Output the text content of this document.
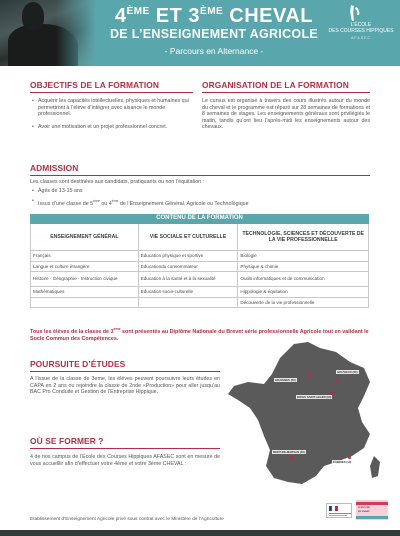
4ÈME ET 3ÈME CHEVAL
DE L’ENSEIGNEMENT AGRICOLE
- Parcours en Alternance -
L’ÉCOLE
DES COURSES HIPPIQUES
AFASEC
OBJECTIFS DE LA FORMATION
• Acquérir les capacités intellectuelles, physiques et humaines qui permettront à l’élève d’intégrer avec aisance le monde professionnel.
• Avoir une motivation et un projet professionnel concret.
ORGANISATION DE LA FORMATION
Le cursus est organisé à travers des cours illustrés autour du monde du cheval et le programme est réparti sur 28 semaines de formations et 8 semaines de stages. Les enseignements généraux sont privilégiés le matin, tandis qu’ont lieu l’après-midi les enseignements autour des chevaux.
ADMISSION
Les classes sont destinées aux candidats, pratiquants ou non l’équitation :
• Âgés de 13-15 ans
• Issus d’une classe de 5ème ou 4ème de l’Enseignement Général, Agricole ou Technologique
CONTENU DE LA FORMATION		
ENSEIGNEMENT GÉNÉRAL	VIE SOCIALE ET CULTURELLE	TECHNOLOGIE, SCIENCES ET DÉCOUVERTE DE LA VIE PROFESSIONNELLE
Français	Education physique et sportive	Biologie
Langue et culture étrangère	Educationdu consommateur	Physique & chimie
Histoire - Géographie - Instruction civique	Education à la santé et à la sexualité	Outils informatiques et de communication
Mathématiques	Education socio-culturelle	Hippologie & équitation
		Découverte de la vie professionnelle
Tous les élèves de la classe de 3ème sont présentés au Diplôme Nationale du Brevet série professionnelle Agricole tout en validant le Socle Commun des Compétences.
POURSUITE D’ÉTUDES
A l’issue de la classe de 3eme, les élèves peuvent poursuivre leurs études en CAPA en 2 ans ou rejoindre la classe de 2nde «Production» pour aller jusqu’au BAC Pro Conduite et Gestion de l’Entreprise Hippique.
OÙ SE FORMER ?
4 de nos campus de l’École des Courses Hippiques AFASEC sont en mesure de vous accueillir afin d’effectuer votre 4ème et votre 3ème CHEVAL :
GRAIGNES (50)
GOUVIEUX (60)
BOIGS SAINT-LEGER (94)
MONT-DE-MARSAN (40)
CABRIES (13)
Etablissement d’Enseignement Agricole privé sous contrat avec le Ministère de l’Agriculture
AVENTURE
DU VIVANT
